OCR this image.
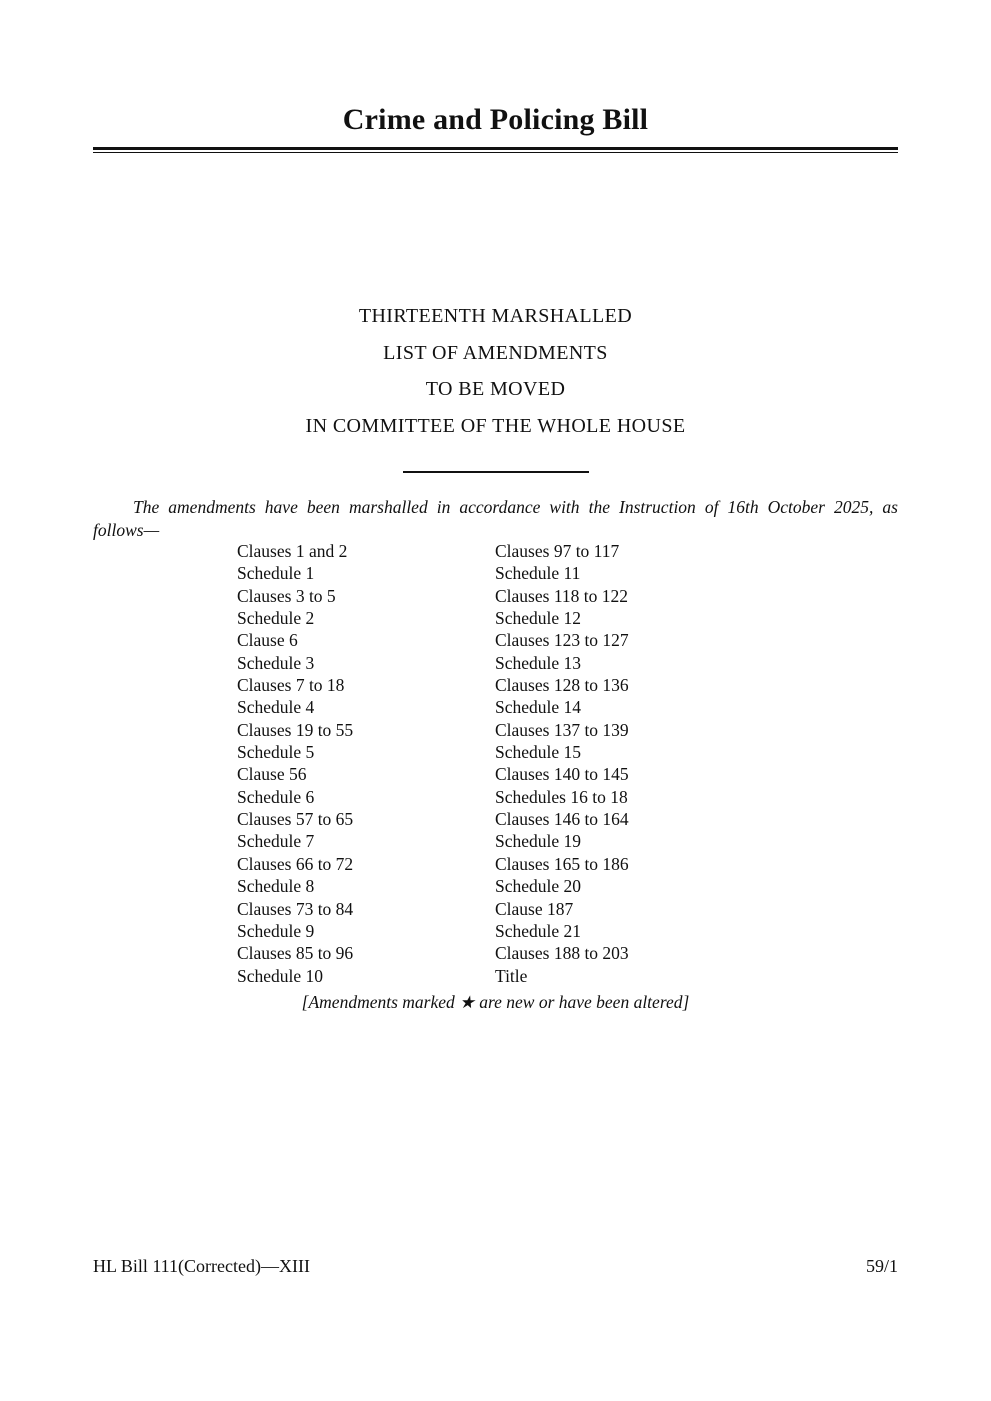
Crime and Policing Bill
THIRTEENTH MARSHALLED
LIST OF AMENDMENTS
TO BE MOVED
IN COMMITTEE OF THE WHOLE HOUSE

The amendments have been marshalled in accordance with the Instruction of 16th October 2025, as
follows—

Clauses 1 and 2
Schedule 1
Clauses 3 to 5
Schedule 2
Clause 6
Schedule 3
Clauses 7 to 18
Schedule 4
Clauses 19 to 55
Schedule 5
Clause 56
Schedule 6
Clauses 57 to 65
Schedule 7
Clauses 66 to 72
Schedule 8
Clauses 73 to 84
Schedule 9
Clauses 85 to 96
Schedule 10
Clauses 97 to 117
Schedule 11
Clauses 118 to 122
Schedule 12
Clauses 123 to 127
Schedule 13
Clauses 128 to 136
Schedule 14
Clauses 137 to 139
Schedule 15
Clauses 140 to 145
Schedules 16 to 18
Clauses 146 to 164
Schedule 19
Clauses 165 to 186
Schedule 20
Clause 187
Schedule 21
Clauses 188 to 203
Title
[Amendments marked ★ are new or have been altered]
HL Bill 111(Corrected)—XIII	59/1
